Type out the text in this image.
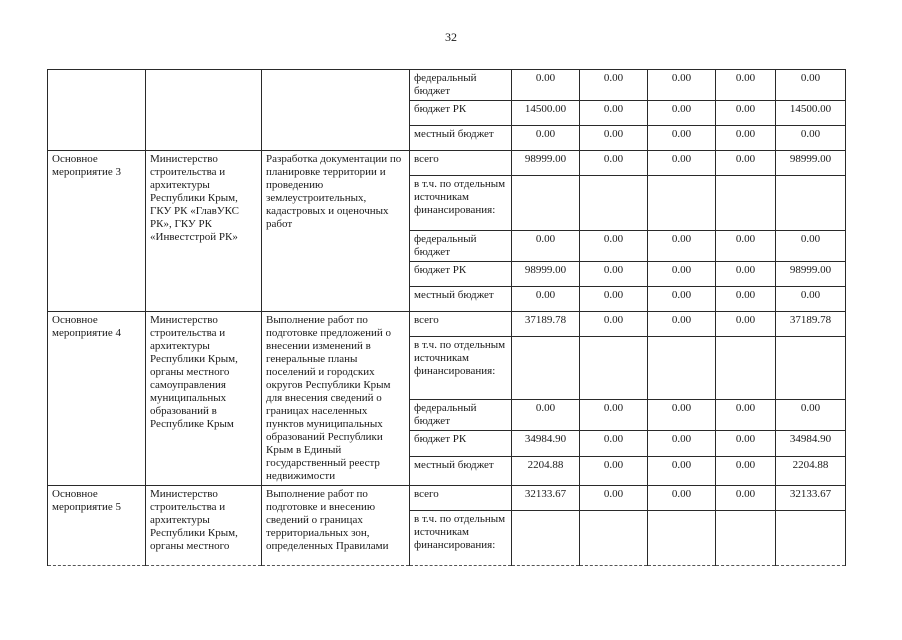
32
			федеральный бюджет	0.00	0.00	0.00	0.00	0.00
			бюджет РК	14500.00	0.00	0.00	0.00	14500.00
			местный бюджет	0.00	0.00	0.00	0.00	0.00
Основное мероприятие 3	Министерство строительства и архитектуры Республики Крым, ГКУ РК «ГлавУКС РК», ГКУ РК «Инвестстрой РК»	Разработка документации по планировке территории и проведению землеустроительных, кадастровых и оценочных работ	всего	98999.00	0.00	0.00	0.00	98999.00
			в т.ч. по отдельным источникам финансирования:					
			федеральный бюджет	0.00	0.00	0.00	0.00	0.00
			бюджет РК	98999.00	0.00	0.00	0.00	98999.00
			местный бюджет	0.00	0.00	0.00	0.00	0.00
Основное мероприятие 4	Министерство строительства и архитектуры Республики Крым, органы местного самоуправления муниципальных образований в Республике Крым	Выполнение работ по подготовке предложений о внесении изменений в генеральные планы поселений и городских округов Республики Крым для внесения сведений о границах населенных пунктов муниципальных образований Республики Крым в Единый государственный реестр недвижимости	всего	37189.78	0.00	0.00	0.00	37189.78
			в т.ч. по отдельным источникам финансирования:					
			федеральный бюджет	0.00	0.00	0.00	0.00	0.00
			бюджет РК	34984.90	0.00	0.00	0.00	34984.90
			местный бюджет	2204.88	0.00	0.00	0.00	2204.88
Основное мероприятие 5	Министерство строительства и архитектуры Республики Крым, органы местного	Выполнение работ по подготовке и внесению сведений о границах территориальных зон, определенных Правилами	всего	32133.67	0.00	0.00	0.00	32133.67
			в т.ч. по отдельным источникам финансирования:					
